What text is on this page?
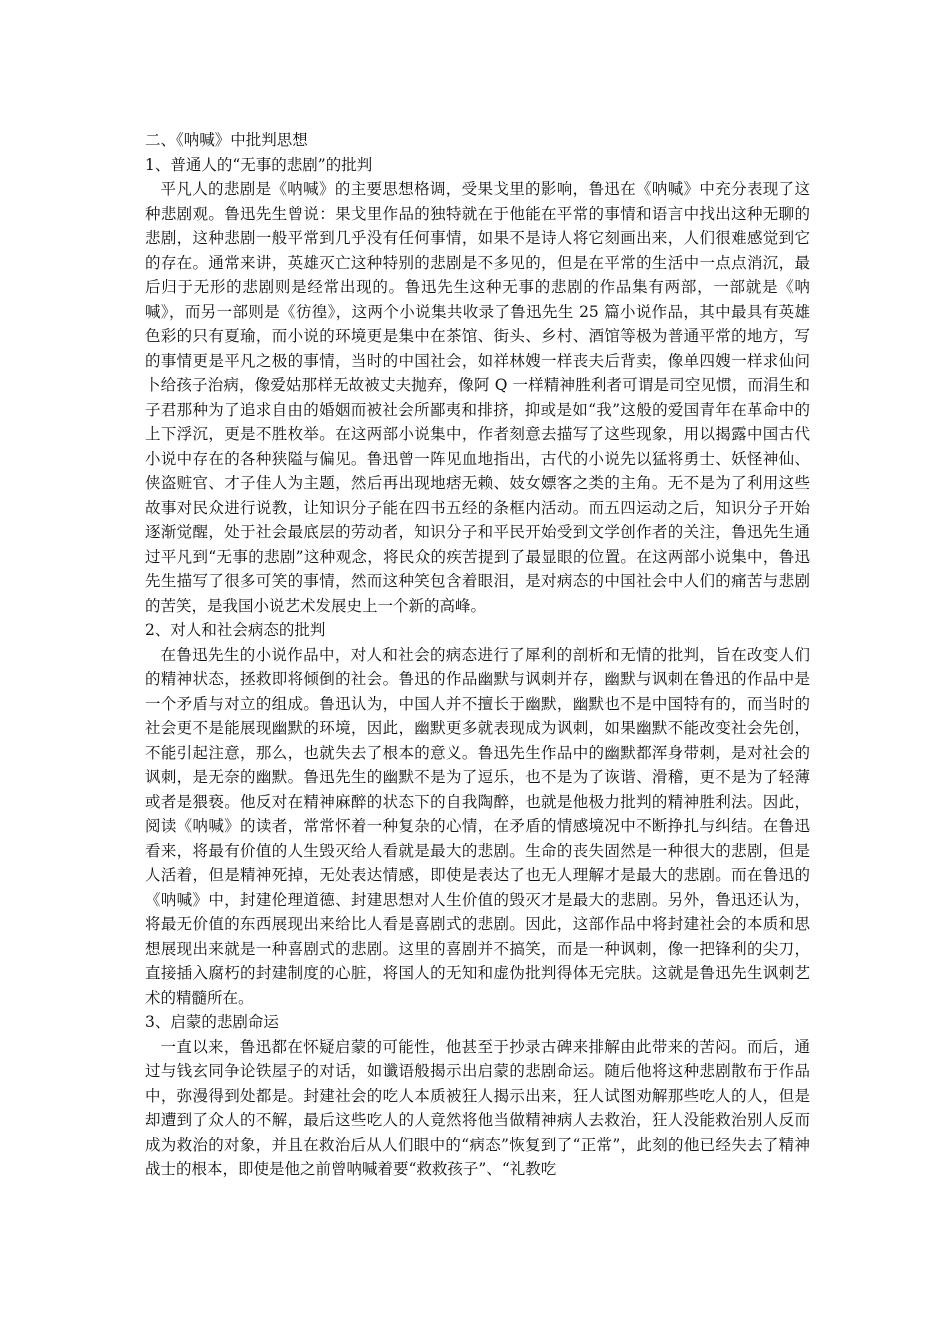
二、《呐喊》中批判思想
1、普通人的“无事的悲剧”的批判

平凡人的悲剧是《呐喊》的主要思想格调，受果戈里的影响，鲁迅在《呐喊》中充分表现了这种悲剧观。鲁迅先生曾说：果戈里作品的独特就在于他能在平常的事情和语言中找出这种无聊的悲剧，这种悲剧一般平常到几乎没有任何事情，如果不是诗人将它刻画出来，人们很难感觉到它的存在。通常来讲，英雄灭亡这种特别的悲剧是不多见的，但是在平常的生活中一点点消沉，最后归于无形的悲剧则是经常出现的。鲁迅先生这种无事的悲剧的作品集有两部，一部就是《呐喊》，而另一部则是《彷徨》，这两个小说集共收录了鲁迅先生 25 篇小说作品，其中最具有英雄色彩的只有夏瑜，而小说的环境更是集中在茶馆、街头、乡村、酒馆等极为普通平常的地方，写的事情更是平凡之极的事情，当时的中国社会，如祥林嫂一样丧夫后背卖，像单四嫂一样求仙问卜给孩子治病，像爱姑那样无故被丈夫抛弃，像阿 Q 一样精神胜利者可谓是司空见惯，而涓生和子君那种为了追求自由的婚姻而被社会所鄙夷和排挤，抑或是如“我”这般的爱国青年在革命中的上下浮沉，更是不胜枚举。在这两部小说集中，作者刻意去描写了这些现象，用以揭露中国古代小说中存在的各种狭隘与偏见。鲁迅曾一阵见血地指出，古代的小说先以猛将勇士、妖怪神仙、侠盗赃官、才子佳人为主题，然后再出现地痞无赖、妓女嫖客之类的主角。无不是为了利用这些故事对民众进行说教，让知识分子能在四书五经的条框内活动。而五四运动之后，知识分子开始逐渐觉醒，处于社会最底层的劳动者，知识分子和平民开始受到文学创作者的关注，鲁迅先生通过平凡到“无事的悲剧”这种观念，将民众的疾苦提到了最显眼的位置。在这两部小说集中，鲁迅先生描写了很多可笑的事情，然而这种笑包含着眼泪，是对病态的中国社会中人们的痛苦与悲剧的苦笑，是我国小说艺术发展史上一个新的高峰。

2、对人和社会病态的批判

在鲁迅先生的小说作品中，对人和社会的病态进行了犀利的剖析和无情的批判，旨在改变人们的精神状态，拯救即将倾倒的社会。鲁迅的作品幽默与讽刺并存，幽默与讽刺在鲁迅的作品中是一个矛盾与对立的组成。鲁迅认为，中国人并不擅长于幽默，幽默也不是中国特有的，而当时的社会更不是能展现幽默的环境，因此，幽默更多就表现成为讽刺，如果幽默不能改变社会先创，不能引起注意，那么，也就失去了根本的意义。鲁迅先生作品中的幽默都浑身带刺，是对社会的讽刺，是无奈的幽默。鲁迅先生的幽默不是为了逗乐，也不是为了诙谐、滑稽，更不是为了轻薄或者是猥亵。他反对在精神麻醉的状态下的自我陶醉，也就是他极力批判的精神胜利法。因此，阅读《呐喊》的读者，常常怀着一种复杂的心情，在矛盾的情感境况中不断挣扎与纠结。在鲁迅看来，将最有价值的人生毁灭给人看就是最大的悲剧。生命的丧失固然是一种很大的悲剧，但是人活着，但是精神死掉，无处表达情感，即使是表达了也无人理解才是最大的悲剧。而在鲁迅的《呐喊》中，封建伦理道德、封建思想对人生价值的毁灭才是最大的悲剧。另外，鲁迅还认为，将最无价值的东西展现出来给比人看是喜剧式的悲剧。因此，这部作品中将封建社会的本质和思想展现出来就是一种喜剧式的悲剧。这里的喜剧并不搞笑，而是一种讽刺，像一把锋利的尖刀，直接插入腐朽的封建制度的心脏，将国人的无知和虚伪批判得体无完肤。这就是鲁迅先生讽刺艺术的精髓所在。

3、启蒙的悲剧命运

一直以来，鲁迅都在怀疑启蒙的可能性，他甚至于抄录古碑来排解由此带来的苦闷。而后，通过与钱玄同争论铁屋子的对话，如谶语般揭示出启蒙的悲剧命运。随后他将这种悲剧散布于作品中，弥漫得到处都是。封建社会的吃人本质被狂人揭示出来，狂人试图劝解那些吃人的人，但是却遭到了众人的不解，最后这些吃人的人竟然将他当做精神病人去救治，狂人没能救治别人反而成为救治的对象，并且在救治后从人们眼中的“病态”恢复到了“正常”，此刻的他已经失去了精神战士的根本，即使是他之前曾呐喊着要“救救孩子”、“礼教吃
